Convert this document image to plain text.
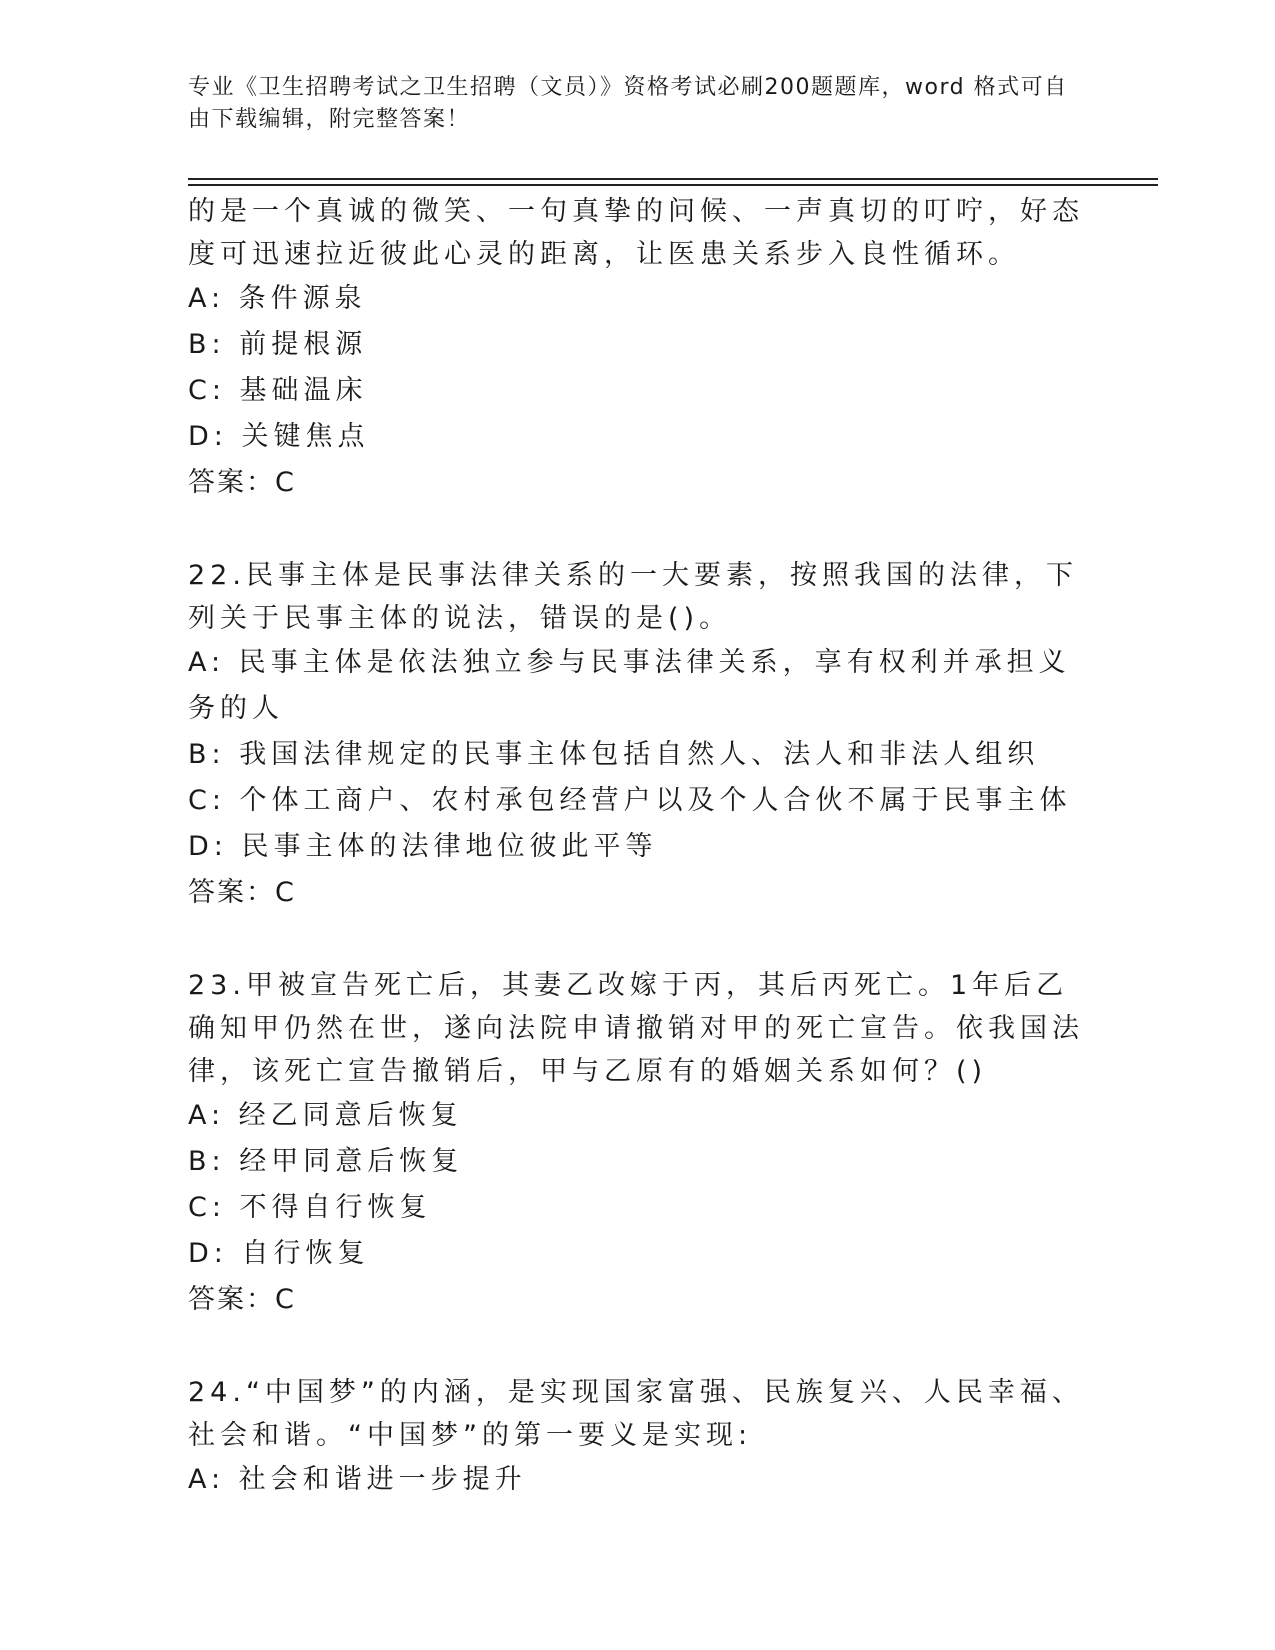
专业《卫生招聘考试之卫生招聘（文员）》资格考试必刷200题题库，word 格式可自由下载编辑，附完整答案！

的是一个真诚的微笑、一句真挚的问候、一声真切的叮咛，好态度可迅速拉近彼此心灵的距离，让医患关系步入良性循环。

A: 条件源泉

B: 前提根源

C: 基础温床

D: 关键焦点

答案：C

22.民事主体是民事法律关系的一大要素，按照我国的法律，下列关于民事主体的说法，错误的是()。

A: 民事主体是依法独立参与民事法律关系，享有权利并承担义务的人

B: 我国法律规定的民事主体包括自然人、法人和非法人组织

C: 个体工商户、农村承包经营户以及个人合伙不属于民事主体

D: 民事主体的法律地位彼此平等

答案：C

23.甲被宣告死亡后，其妻乙改嫁于丙，其后丙死亡。1年后乙确知甲仍然在世，遂向法院申请撤销对甲的死亡宣告。依我国法律，该死亡宣告撤销后，甲与乙原有的婚姻关系如何？()

A: 经乙同意后恢复

B: 经甲同意后恢复

C: 不得自行恢复

D: 自行恢复

答案：C

24.“中国梦”的内涵，是实现国家富强、民族复兴、人民幸福、社会和谐。“中国梦”的第一要义是实现:

A: 社会和谐进一步提升
